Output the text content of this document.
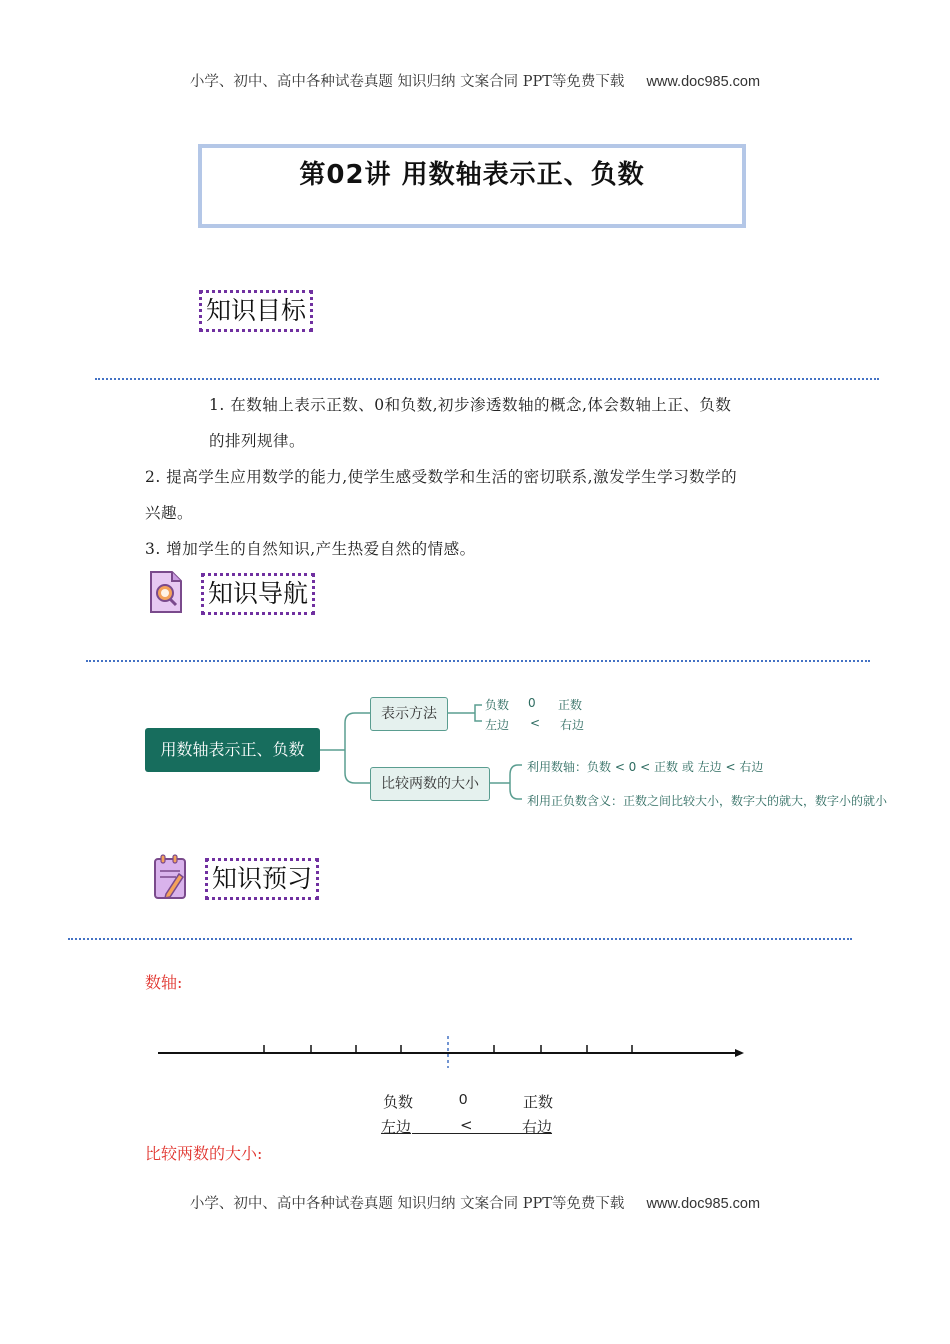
小学、初中、高中各种试卷真题 知识归纳 文案合同 PPT等免费下载 www.doc985.com
第02讲 用数轴表示正、负数
知识目标
1. 在数轴上表示正数、0和负数,初步渗透数轴的概念,体会数轴上正、负数
的排列规律。
2. 提高学生应用数学的能力,使学生感受数学和生活的密切联系,激发学生学习数学的
兴趣。
3. 增加学生的自然知识,产生热爱自然的情感。
知识导航
用数轴表示正、负数
表示方法
比较两数的大小
负数 0 正数
左边 < 右边
利用数轴：负数 < 0 < 正数 或 左边 < 右边
利用正负数含义：正数之间比较大小，数字大的就大，数字小的就小
知识预习
数轴:
负数	0	正数
左边	<	右边
比较两数的大小:
小学、初中、高中各种试卷真题 知识归纳 文案合同 PPT等免费下载 www.doc985.com
